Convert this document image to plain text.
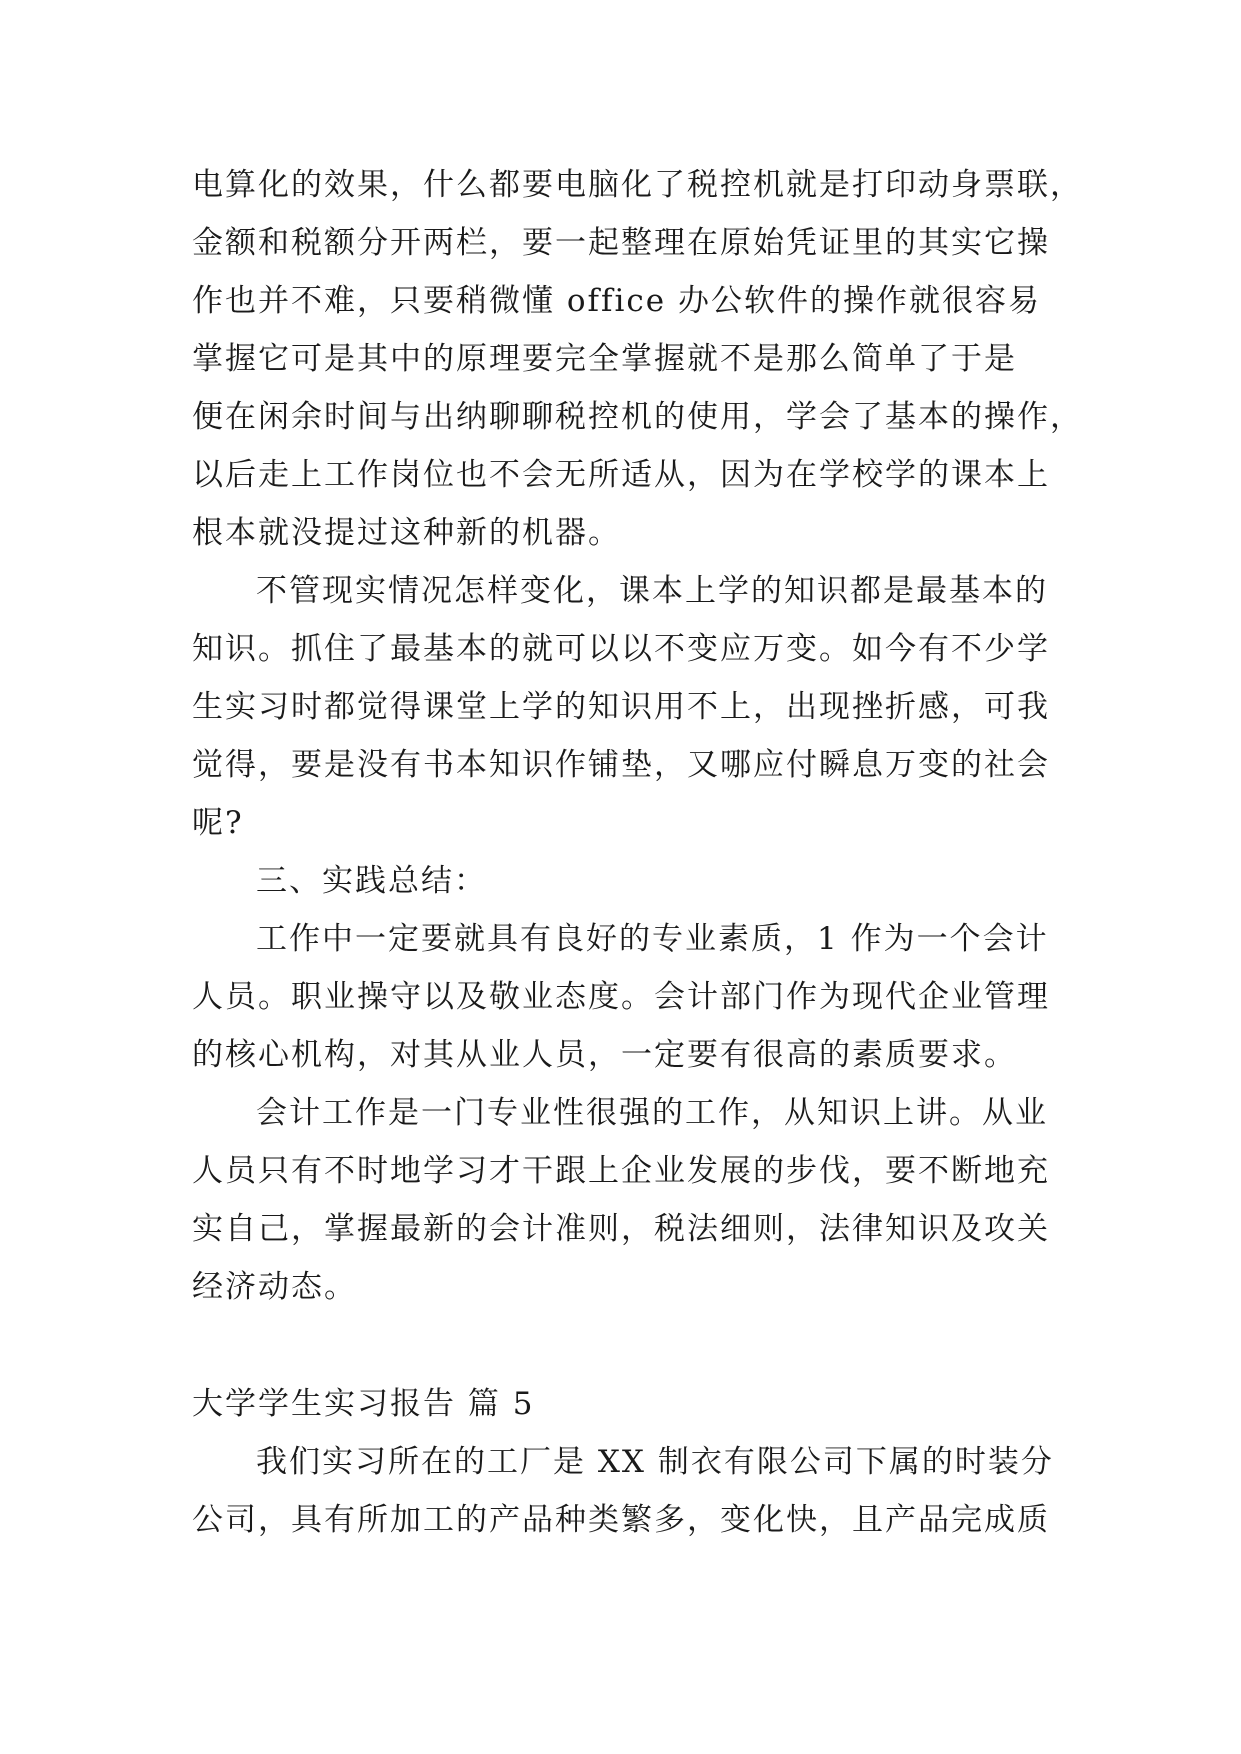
电算化的效果，什么都要电脑化了税控机就是打印动身票联，
金额和税额分开两栏，要一起整理在原始凭证里的其实它操
作也并不难，只要稍微懂 office 办公软件的操作就很容易
掌握它可是其中的原理要完全掌握就不是那么简单了于是
便在闲余时间与出纳聊聊税控机的使用，学会了基本的操作，
以后走上工作岗位也不会无所适从，因为在学校学的课本上
根本就没提过这种新的机器。
不管现实情况怎样变化，课本上学的知识都是最基本的
知识。抓住了最基本的就可以以不变应万变。如今有不少学
生实习时都觉得课堂上学的知识用不上，出现挫折感，可我
觉得，要是没有书本知识作铺垫，又哪应付瞬息万变的社会
呢?
三、实践总结：
工作中一定要就具有良好的专业素质，1 作为一个会计
人员。职业操守以及敬业态度。会计部门作为现代企业管理
的核心机构，对其从业人员，一定要有很高的素质要求。
会计工作是一门专业性很强的工作，从知识上讲。从业
人员只有不时地学习才干跟上企业发展的步伐，要不断地充
实自己，掌握最新的会计准则，税法细则，法律知识及攻关
经济动态。
大学学生实习报告 篇 5
我们实习所在的工厂是 XX 制衣有限公司下属的时装分
公司，具有所加工的产品种类繁多，变化快，且产品完成质
